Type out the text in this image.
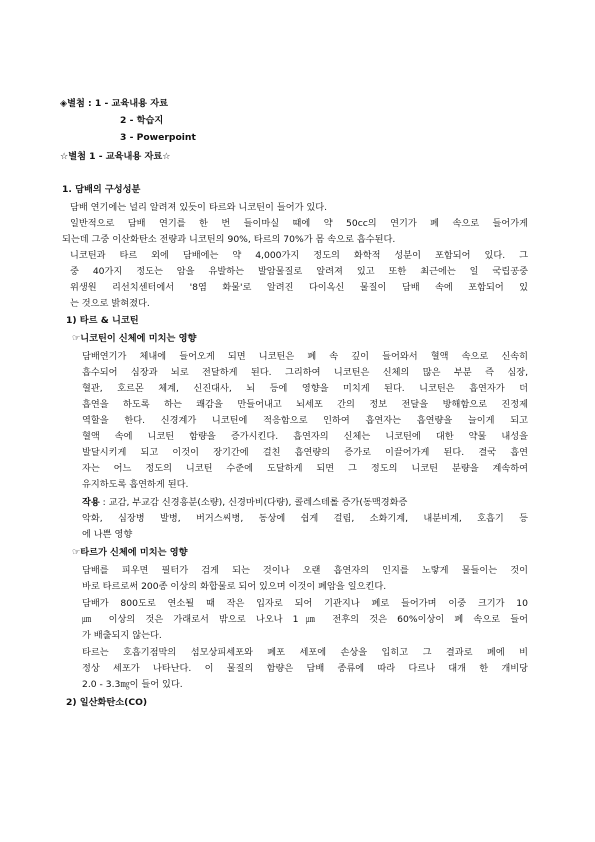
◈별첨 : 1 - 교육내용 자료
2 - 학습지
3 - Powerpoint
☆별첨 1 - 교육내용 자료☆
1. 담배의 구성성분
담배 연기에는 널리 알려져 있듯이 타르와 니코틴이 들어가 있다.
일반적으로 담배 연기를 한 번 들이마실 때에 약 50cc의 연기가 폐 속으로 들어가게
되는데 그중 이산화탄소 전량과 니코틴의 90%, 타르의 70%가 몸 속으로 흡수된다.
니코틴과 타르 외에 담배에는 약 4,000가지 정도의 화학적 성분이 포함되어 있다. 그
중 40가지 정도는 암을 유발하는 발암물질로 알려져 있고 또한 최근에는 일 국립공중
위생원 리선치센터에서 '8염 화물'로 알려진 다이옥신 물질이 담배 속에 포함되어 있
는 것으로 밝혀졌다.
1) 타르 & 니코틴
☞니코틴이 신체에 미치는 영향
담배연기가 체내에 들어오게 되면 니코틴은 폐 속 깊이 들어와서 혈액 속으로 신속히
흡수되어 심장과 뇌로 전달하게 된다. 그리하여 니코틴은 신체의 많은 부분 즉 심장,
혈관, 호르몬 체계, 신진대사, 뇌 등에 영향을 미치게 된다. 니코틴은 흡연자가 더
흡연을 하도록 하는 쾌감을 만들어내고 뇌세포 간의 정보 전달을 방해함으로 진정제
역할을 한다. 신경계가 니코틴에 적응함으로 인하여 흡연자는 흡연량을 늘이게 되고
혈액 속에 니코틴 함량을 증가시킨다. 흡연자의 신체는 니코틴에 대한 약물 내성을
발달시키게 되고 이것이 장기간에 걸친 흡연량의 증가로 이끌어가게 된다. 결국 흡연
자는 어느 정도의 니코틴 수준에 도달하게 되면 그 정도의 니코틴 분량을 계속하여
유지하도록 흡연하게 된다.
작용 : 교감, 부교감 신경흥분(소량), 신경마비(다량), 콜레스테롤 증가(동맥경화증
악화, 심장병 발병, 버거스씨병, 동상에 쉽게 걸림, 소화기계, 내분비계, 호흡기 등
에 나쁜 영향
☞타르가 신체에 미치는 영향
담배를 피우면 필터가 검게 되는 것이나 오랜 흡연자의 인지를 노랗게 물들이는 것이
바로 타르로써 200종 이상의 화합물로 되어 있으며 이것이 폐암을 일으킨다.
담배가 800도로 연소될 때 작은 입자로 되어 기관지나 폐로 들어가며 이중 크기가 10
㎛ 이상의 것은 가래로서 밖으로 나오나 1㎛ 전후의 것은 60%이상이 폐 속으로 들어
가 배출되지 않는다.
타르는 호흡기점막의 섬모상피세포와 폐포 세포에 손상을 입히고 그 결과로 폐에 비
정상 세포가 나타난다. 이 물질의 함량은 담배 종류에 따라 다르나 대개 한 개비당
2.0 - 3.3㎎이 들어 있다.
2) 일산화탄소(CO)
